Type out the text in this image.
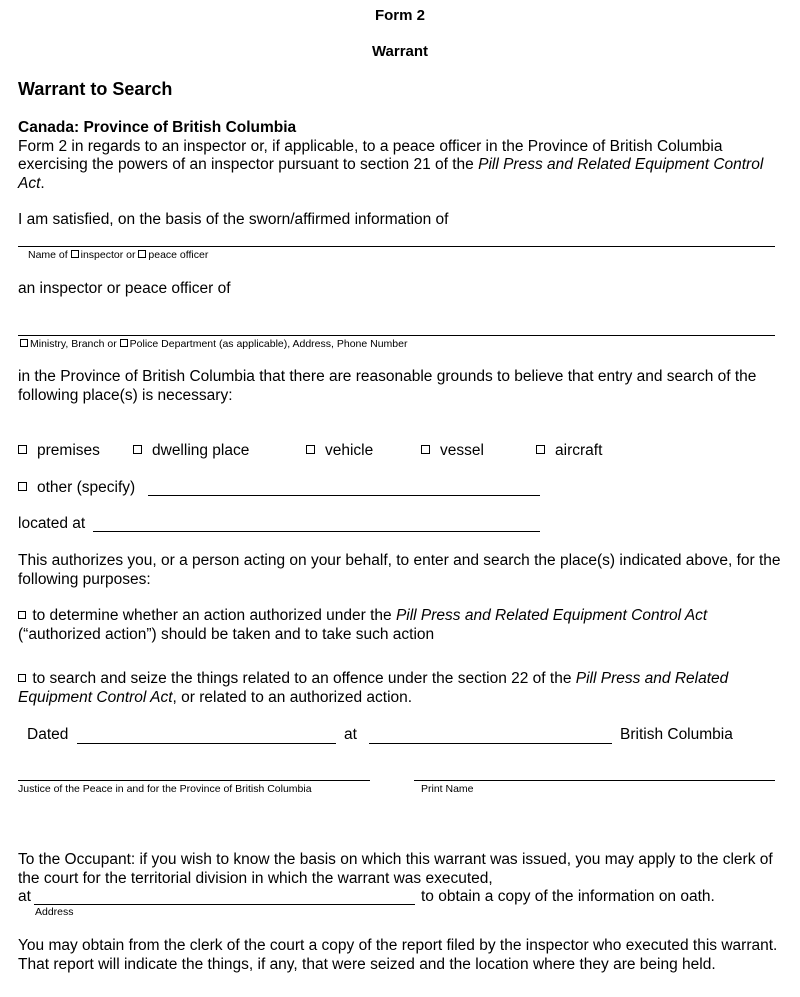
Form 2
Warrant
Warrant to Search
Canada: Province of British Columbia
Form 2 in regards to an inspector or, if applicable, to a peace officer in the Province of British Columbia exercising the powers of an inspector pursuant to section 21 of the Pill Press and Related Equipment Control Act.
I am satisfied, on the basis of the sworn/affirmed information of
Name of inspector or peace officer
an inspector or peace officer of
Ministry, Branch or Police Department (as applicable), Address, Phone Number
in the Province of British Columbia that there are reasonable grounds to believe that entry and search of the following place(s) is necessary:
premises	dwelling place	vehicle	vessel	aircraft
other (specify)
located at
This authorizes you, or a person acting on your behalf, to enter and search the place(s) indicated above, for the following purposes:
to determine whether an action authorized under the Pill Press and Related Equipment Control Act
(“authorized action”) should be taken and to take such action
to search and seize the things related to an offence under the section 22 of the Pill Press and Related Equipment Control Act, or related to an authorized action.
Dated	at	British Columbia
Justice of the Peace in and for the Province of British Columbia	Print Name
To the Occupant: if you wish to know the basis on which this warrant was issued, you may apply to the clerk of the court for the territorial division in which the warrant was executed,
at	to obtain a copy of the information on oath.
Address
You may obtain from the clerk of the court a copy of the report filed by the inspector who executed this warrant. That report will indicate the things, if any, that were seized and the location where they are being held.
